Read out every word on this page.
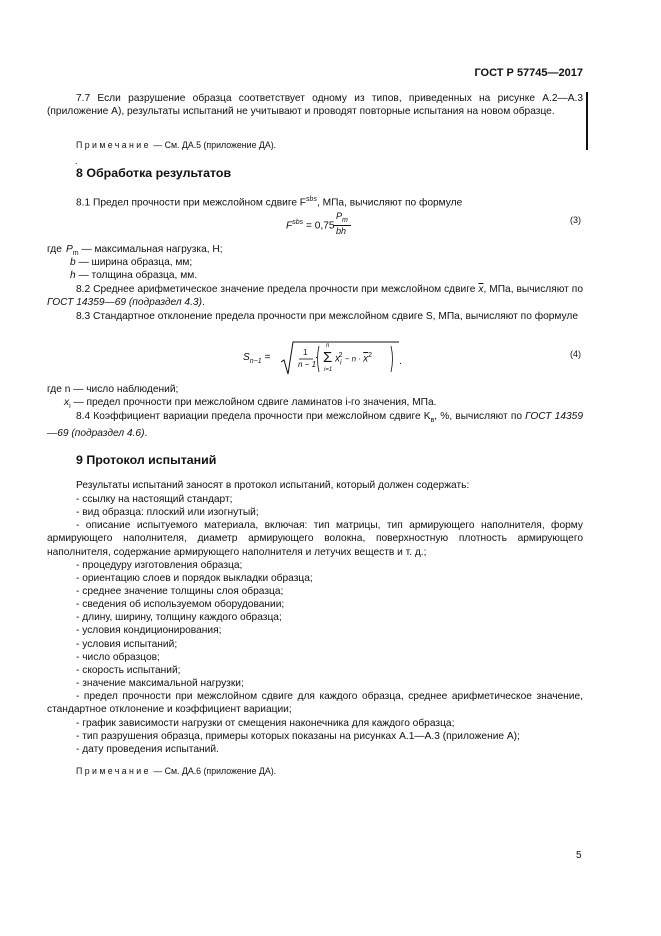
ГОСТ Р 57745—2017
7.7 Если разрушение образца соответствует одному из типов, приведенных на рисунке А.2—А.3 (приложение А), результаты испытаний не учитывают и проводят повторные испытания на новом образце.
Примечание — См. ДА.5 (приложение ДА).
.
8 Обработка результатов
8.1 Предел прочности при межслойном сдвиге $F^{sbs}$, МПа, вычисляют по формуле
$F^{sbs} = 0,75$
$P_m$
bh
(3)
где $P_m$ — максимальная нагрузка, Н;
b — ширина образца, мм;
h — толщина образца, мм.
8.2 Среднее арифметическое значение предела прочности при межслойном сдвиге $\overline{x}$, МПа, вычисляют по ГОСТ 14359—69 (подраздел 4.3).
8.3 Стандартное отклонение предела прочности при межслойном сдвиге S, МПа, вычисляют по формуле
$S_{n-1}$ =	1
n − 1
·
n
Σ
i=1
$x_i^2 - n \cdot \overline{x}^2$
.
(4)
где n — число наблюдений;
$x_i$ — предел прочности при межслойном сдвиге ламинатов i-го значения, МПа.
8.4 Коэффициент вариации предела прочности при межслойном сдвиге $K_в$, %, вычисляют по ГОСТ 14359—69 (подраздел 4.6).
9 Протокол испытаний
Результаты испытаний заносят в протокол испытаний, который должен содержать:
- ссылку на настоящий стандарт;
- вид образца: плоский или изогнутый;
- описание испытуемого материала, включая: тип матрицы, тип армирующего наполнителя, форму армирующего наполнителя, диаметр армирующего волокна, поверхностную плотность армирующего наполнителя, содержание армирующего наполнителя и летучих веществ и т. д.;
- процедуру изготовления образца;
- ориентацию слоев и порядок выкладки образца;
- среднее значение толщины слоя образца;
- сведения об используемом оборудовании;
- длину, ширину, толщину каждого образца;
- условия кондиционирования;
- условия испытаний;
- число образцов;
- скорость испытаний;
- значение максимальной нагрузки;
- предел прочности при межслойном сдвиге для каждого образца, среднее арифметическое значение, стандартное отклонение и коэффициент вариации;
- график зависимости нагрузки от смещения наконечника для каждого образца;
- тип разрушения образца, примеры которых показаны на рисунках А.1—А.3 (приложение А);
- дату проведения испытаний.
Примечание — См. ДА.6 (приложение ДА).
5
